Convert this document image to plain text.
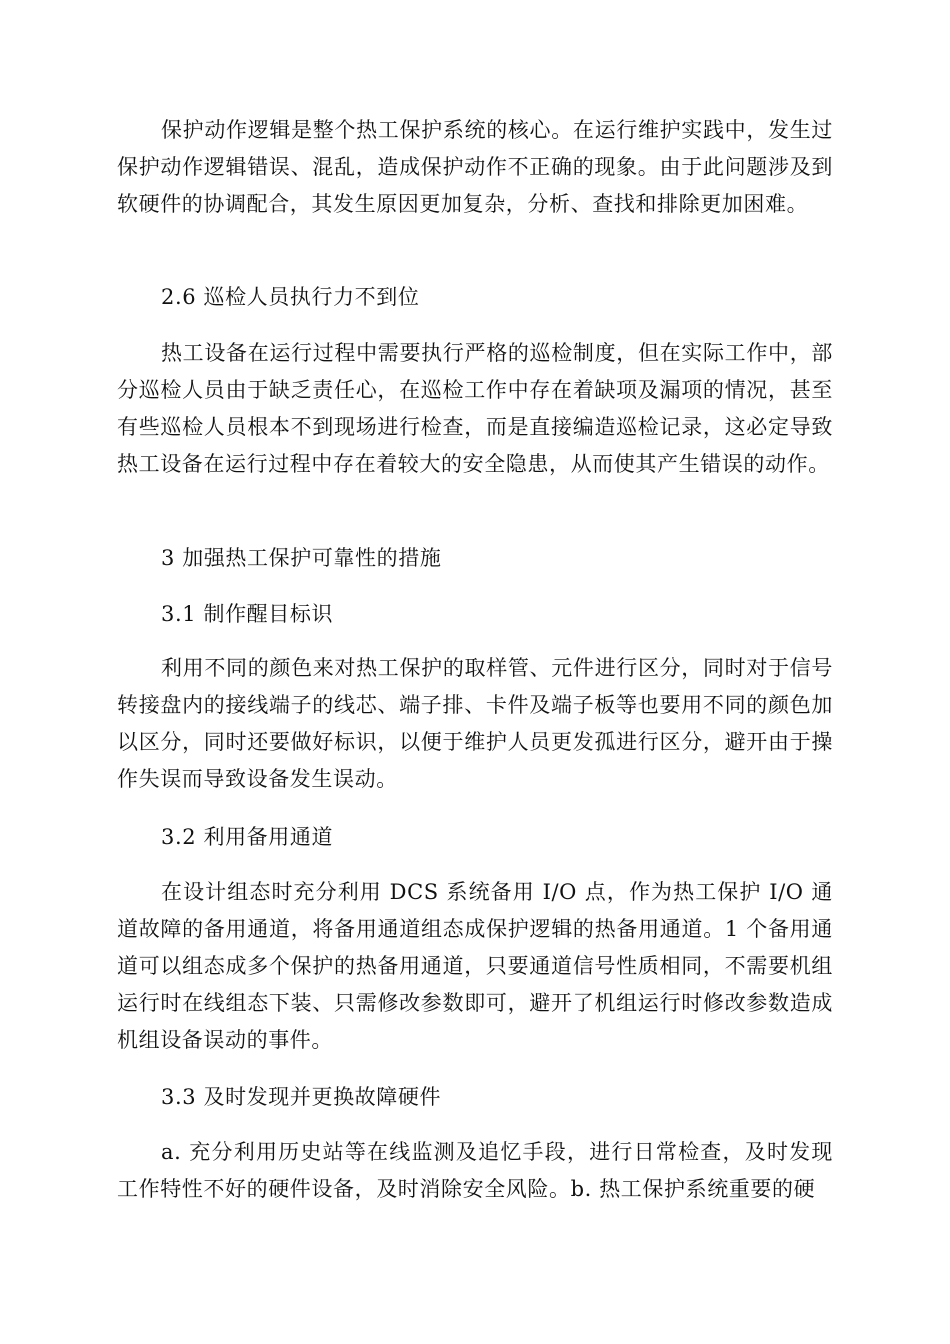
保护动作逻辑是整个热工保护系统的核心。在运行维护实践中，发生过保护动作逻辑错误、混乱，造成保护动作不正确的现象。由于此问题涉及到软硬件的协调配合，其发生原因更加复杂，分析、查找和排除更加困难。

2.6 巡检人员执行力不到位

热工设备在运行过程中需要执行严格的巡检制度，但在实际工作中，部分巡检人员由于缺乏责任心，在巡检工作中存在着缺项及漏项的情况，甚至有些巡检人员根本不到现场进行检查，而是直接编造巡检记录，这必定导致热工设备在运行过程中存在着较大的安全隐患，从而使其产生错误的动作。

3 加强热工保护可靠性的措施

3.1 制作醒目标识

利用不同的颜色来对热工保护的取样管、元件进行区分，同时对于信号转接盘内的接线端子的线芯、端子排、卡件及端子板等也要用不同的颜色加以区分，同时还要做好标识，以便于维护人员更发孤进行区分，避开由于操作失误而导致设备发生误动。

3.2 利用备用通道

在设计组态时充分利用 DCS 系统备用 I/O 点，作为热工保护 I/O 通道故障的备用通道，将备用通道组态成保护逻辑的热备用通道。1 个备用通道可以组态成多个保护的热备用通道，只要通道信号性质相同，不需要机组运行时在线组态下装、只需修改参数即可，避开了机组运行时修改参数造成机组设备误动的事件。

3.3 及时发现并更换故障硬件

a. 充分利用历史站等在线监测及追忆手段，进行日常检查，及时发现工作特性不好的硬件设备，及时消除安全风险。b. 热工保护系统重要的硬
